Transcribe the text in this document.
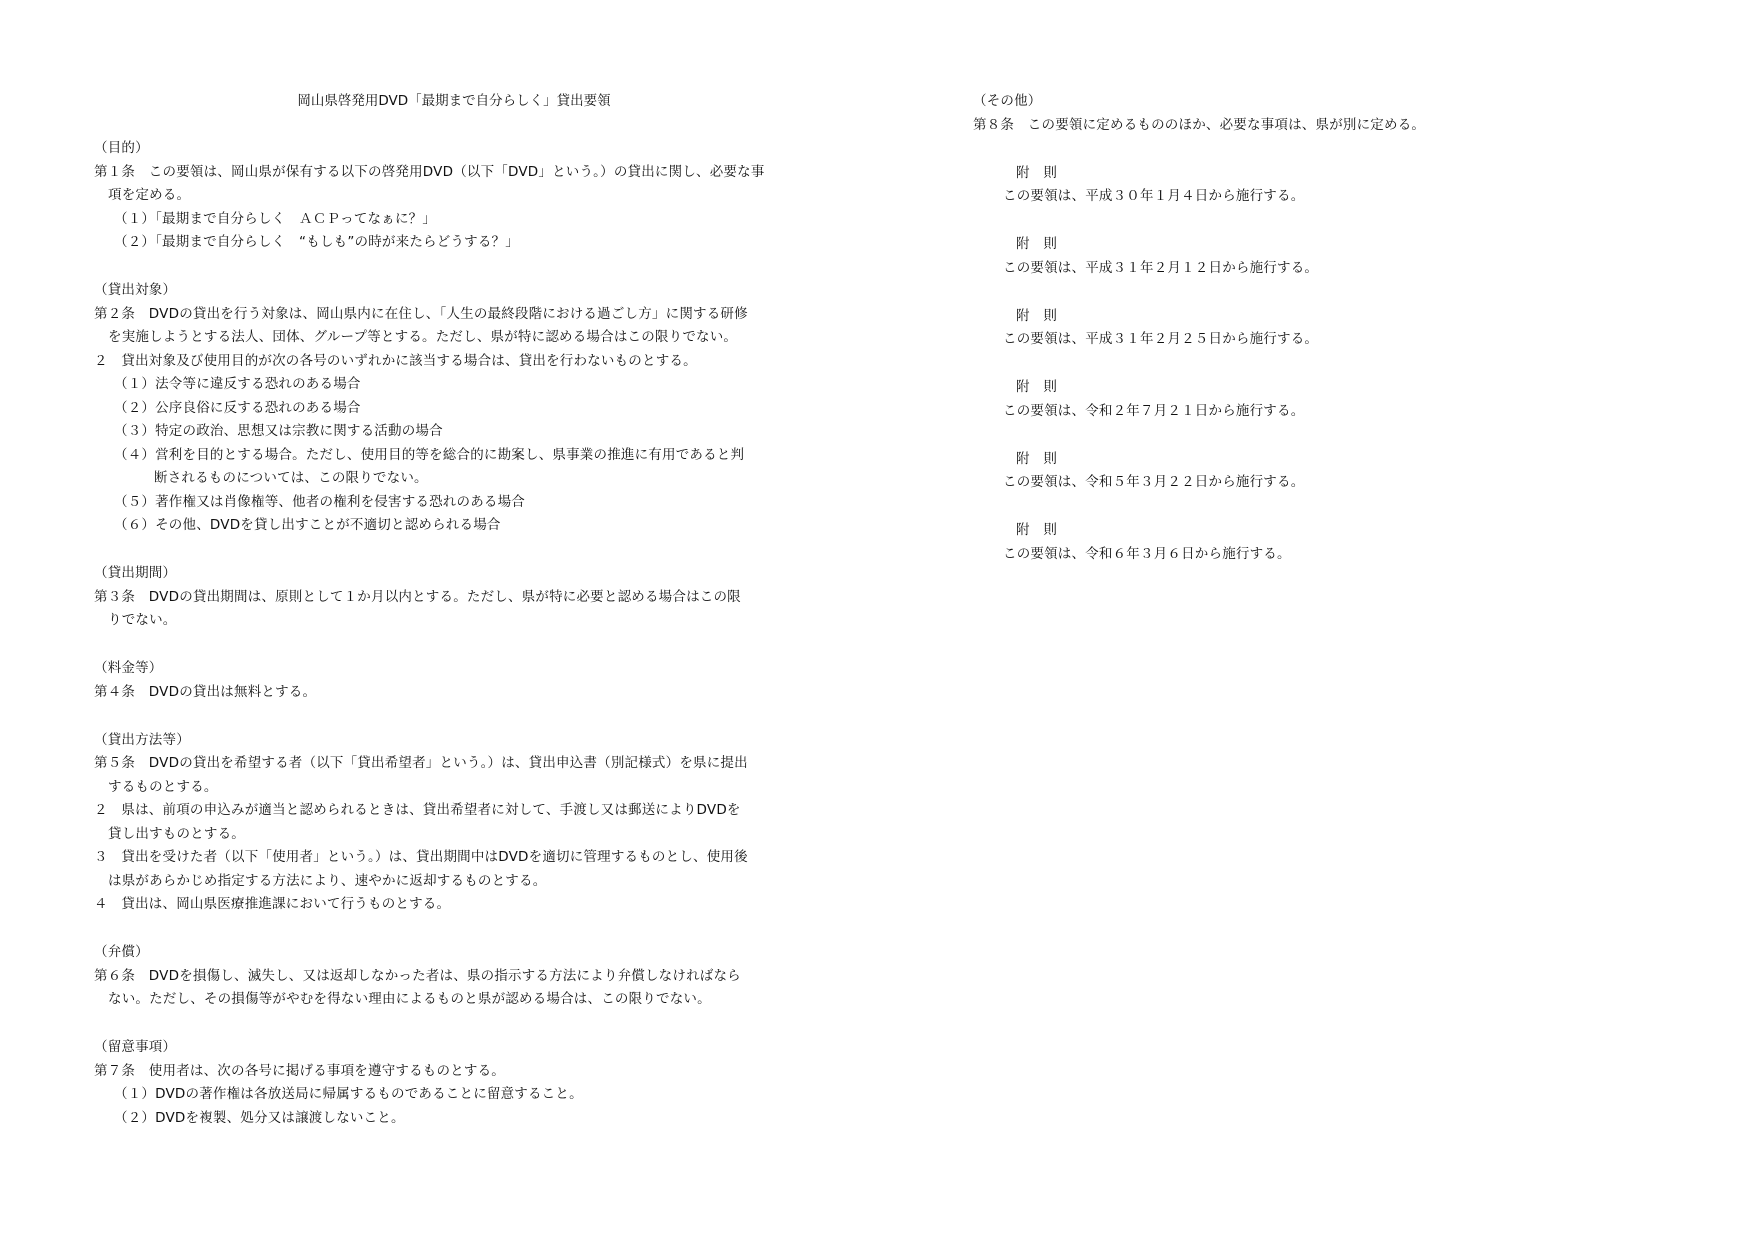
岡山県啓発用DVD「最期まで自分らしく」貸出要領
（目的）
第１条　この要領は、岡山県が保有する以下の啓発用DVD（以下「DVD」という。）の貸出に関し、必要な事
項を定める。
（１）「最期まで自分らしく　ＡＣＰってなぁに？」
（２）「最期まで自分らしく　“もしも”の時が来たらどうする？」
（貸出対象）
第２条　DVDの貸出を行う対象は、岡山県内に在住し、「人生の最終段階における過ごし方」に関する研修
を実施しようとする法人、団体、グループ等とする。ただし、県が特に認める場合はこの限りでない。
２　貸出対象及び使用目的が次の各号のいずれかに該当する場合は、貸出を行わないものとする。
（１）法令等に違反する恐れのある場合
（２）公序良俗に反する恐れのある場合
（３）特定の政治、思想又は宗教に関する活動の場合
（４）営利を目的とする場合。ただし、使用目的等を総合的に勘案し、県事業の推進に有用であると判
断されるものについては、この限りでない。
（５）著作権又は肖像権等、他者の権利を侵害する恐れのある場合
（６）その他、DVDを貸し出すことが不適切と認められる場合
（貸出期間）
第３条　DVDの貸出期間は、原則として１か月以内とする。ただし、県が特に必要と認める場合はこの限
りでない。
（料金等）
第４条　DVDの貸出は無料とする。
（貸出方法等）
第５条　DVDの貸出を希望する者（以下「貸出希望者」という。）は、貸出申込書（別記様式）を県に提出
するものとする。
２　県は、前項の申込みが適当と認められるときは、貸出希望者に対して、手渡し又は郵送によりDVDを
貸し出すものとする。
３　貸出を受けた者（以下「使用者」という。）は、貸出期間中はDVDを適切に管理するものとし、使用後
は県があらかじめ指定する方法により、速やかに返却するものとする。
４　貸出は、岡山県医療推進課において行うものとする。
（弁償）
第６条　DVDを損傷し、滅失し、又は返却しなかった者は、県の指示する方法により弁償しなければなら
ない。ただし、その損傷等がやむを得ない理由によるものと県が認める場合は、この限りでない。
（留意事項）
第７条　使用者は、次の各号に掲げる事項を遵守するものとする。
（１）DVDの著作権は各放送局に帰属するものであることに留意すること。
（２）DVDを複製、処分又は譲渡しないこと。
（その他）
第８条　この要領に定めるもののほか、必要な事項は、県が別に定める。
附　則
この要領は、平成３０年１月４日から施行する。
附　則
この要領は、平成３１年２月１２日から施行する。
附　則
この要領は、平成３１年２月２５日から施行する。
附　則
この要領は、令和２年７月２１日から施行する。
附　則
この要領は、令和５年３月２２日から施行する。
附　則
この要領は、令和６年３月６日から施行する。
